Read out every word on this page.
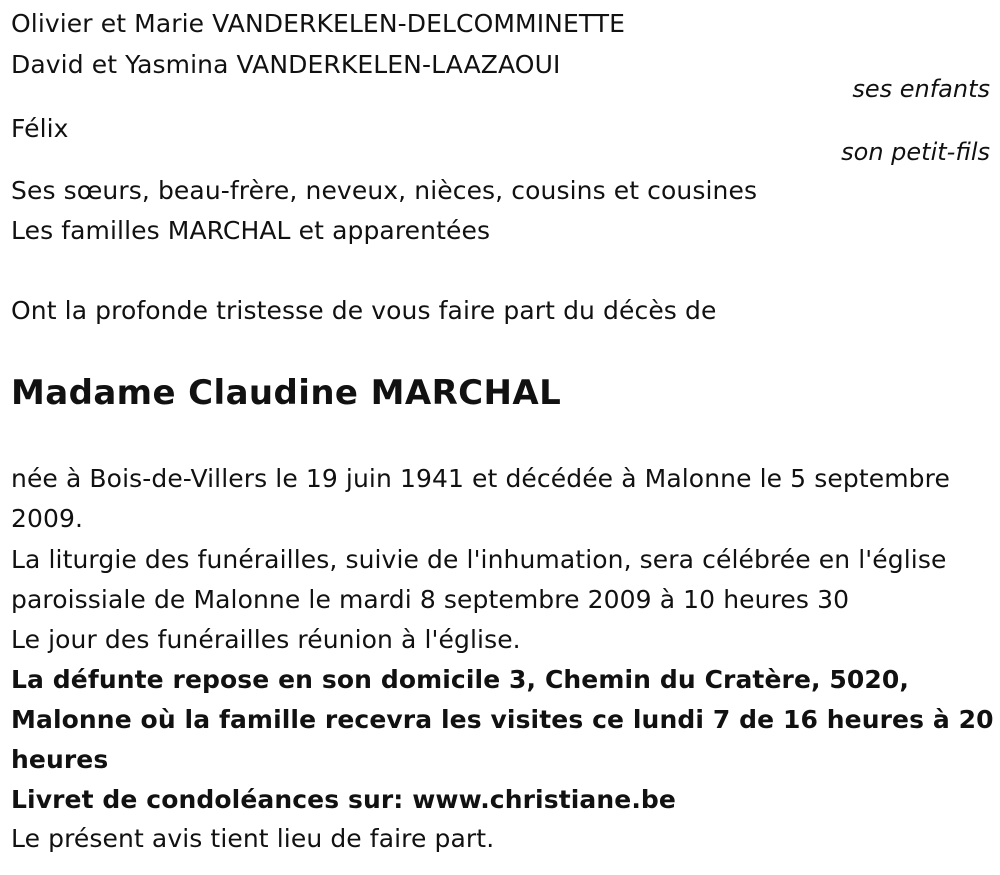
Olivier et Marie VANDERKELEN-DELCOMMINETTE
David et Yasmina VANDERKELEN-LAAZAOUI
ses enfants
Félix
son petit-fils
Ses sœurs, beau-frère, neveux, nièces, cousins et cousines
Les familles MARCHAL et apparentées
Ont la profonde tristesse de vous faire part du décès de
Madame Claudine MARCHAL
née à Bois-de-Villers le 19 juin 1941 et décédée à Malonne le 5 septembre
2009.
La liturgie des funérailles, suivie de l'inhumation, sera célébrée en l'église
paroissiale de Malonne le mardi 8 septembre 2009 à 10 heures 30
Le jour des funérailles réunion à l'église.
La défunte repose en son domicile 3, Chemin du Cratère, 5020,
Malonne où la famille recevra les visites ce lundi 7 de 16 heures à 20
heures
Livret de condoléances sur: www.christiane.be
Le présent avis tient lieu de faire part.
